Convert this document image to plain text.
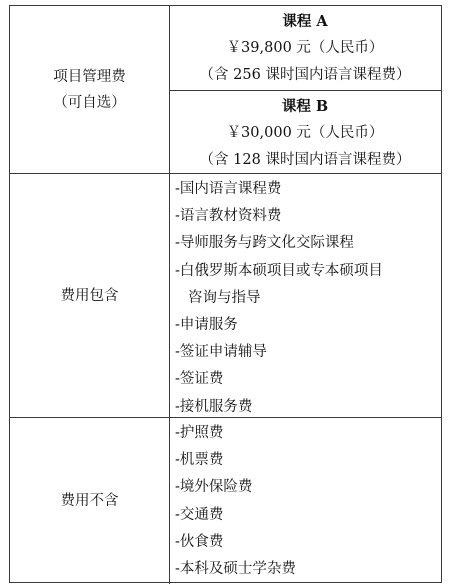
项目管理费
（可自选）
课程 A
￥39,800 元（人民币）
（含 256 课时国内语言课程费）
课程 B
￥30,000 元（人民币）
（含 128 课时国内语言课程费）
费用包含
-国内语言课程费
-语言教材资料费
-导师服务与跨文化交际课程
-白俄罗斯本硕项目或专本硕项目
咨询与指导
-申请服务
-签证申请辅导
-签证费
-接机服务费
费用不含
-护照费
-机票费
-境外保险费
-交通费
-伙食费
-本科及硕士学杂费
